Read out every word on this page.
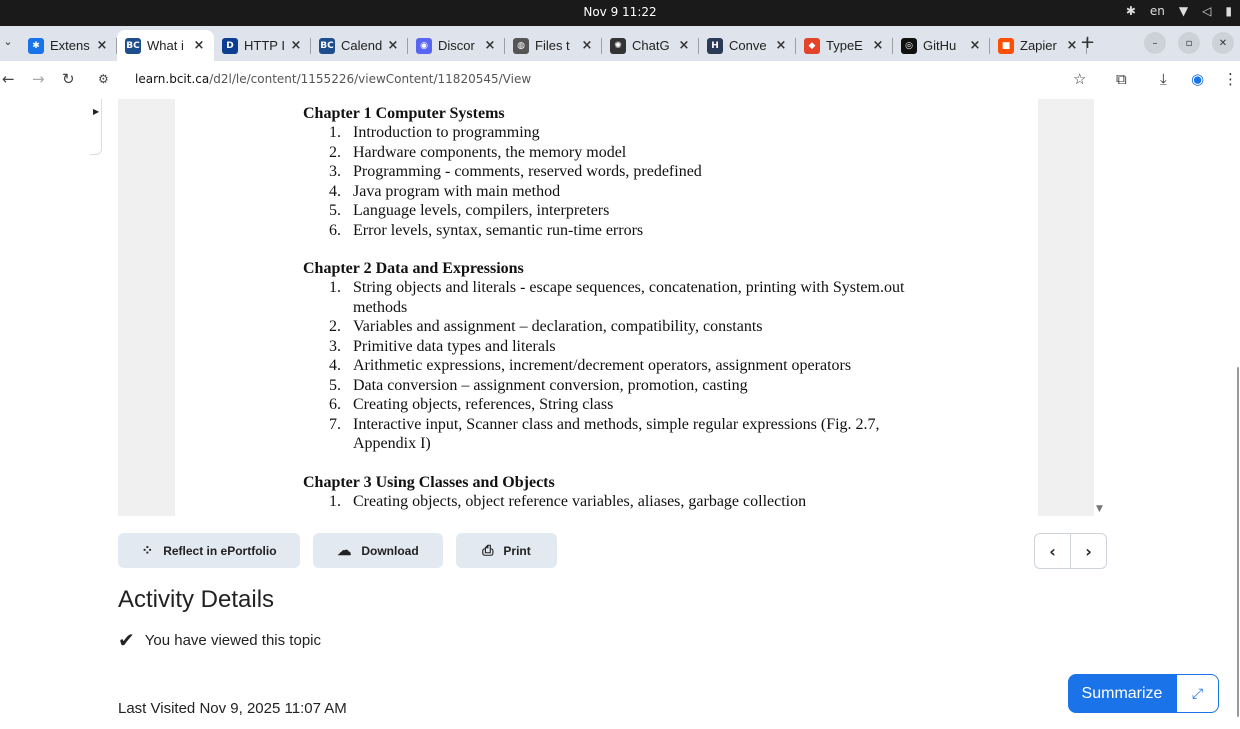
Nov 9 11:22	✱ en ▼ ◁ ▮
⌄	✱ Extens × BC What i ×	D HTTP I × BC Calend ×	◉ Discor ×	◍ Files t ×	✺ ChatG ×	H Conve ×	◆ TypeE ×	◎ GitHu	×	■ Zapier × +	–	▫	✕
← → ↻ ⚙ learn.bcit.ca/d2l/le/content/1155226/viewContent/11820545/View	☆ ⧉ ⤓ ◉ ⋮
▶	Chapter 1 Computer Systems
1. Introduction to programming
2. Hardware components, the memory model
3. Programming - comments, reserved words, predefined
4. Java program with main method
5. Language levels, compilers, interpreters
6. Error levels, syntax, semantic run-time errors
Chapter 2 Data and Expressions
1. String objects and literals - escape sequences, concatenation, printing with System.out methods
2. Variables and assignment – declaration, compatibility, constants
3. Primitive data types and literals
4. Arithmetic expressions, increment/decrement operators, assignment operators
5. Data conversion – assignment conversion, promotion, casting
6. Creating objects, references, String class
7. Interactive input, Scanner class and methods, simple regular expressions (Fig. 2.7, Appendix I)
Chapter 3 Using Classes and Objects
1. Creating objects, object reference variables, aliases, garbage collection	▼
⁘ Reflect in ePortfolio	☁ Download	⎙ Print	‹	›
Activity Details
✔ You have viewed this topic
Last Visited Nov 9, 2025 11:07 AM
Summarize	⤢
